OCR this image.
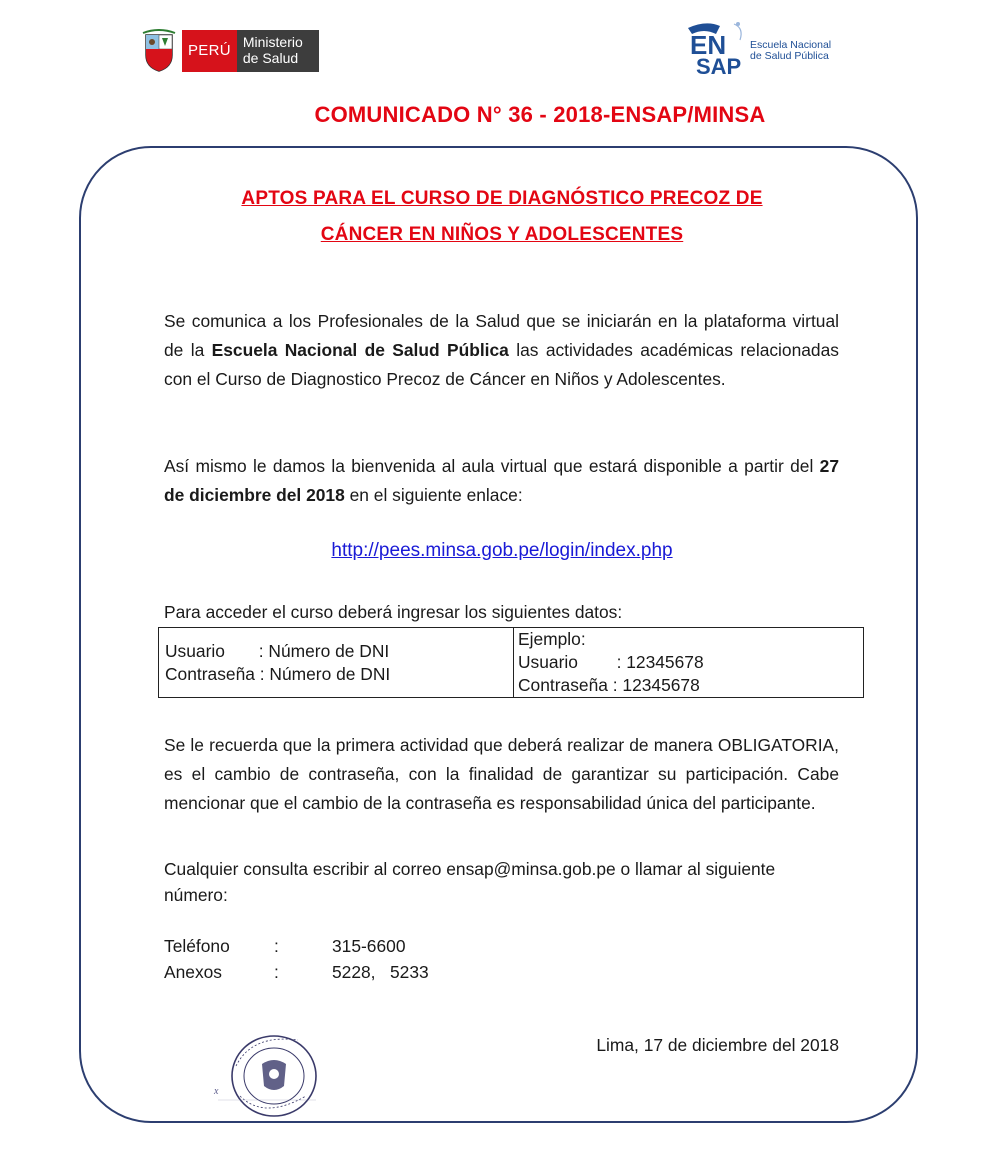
PERÚ Ministerio
de Salud	EN
SAP
Escuela Nacional
de Salud Pública
COMUNICADO N° 36 - 2018-ENSAP/MINSA
APTOS PARA EL CURSO DE DIAGNÓSTICO PRECOZ DE
CÁNCER EN NIÑOS Y ADOLESCENTES
Se comunica a los Profesionales de la Salud que se iniciarán en la plataforma virtual de la Escuela Nacional de Salud Pública las actividades académicas relacionadas con el Curso de Diagnostico Precoz de Cáncer en Niños y Adolescentes.
Así mismo le damos la bienvenida al aula virtual que estará disponible a partir del 27 de diciembre del 2018 en el siguiente enlace:
http://pees.minsa.gob.pe/login/index.php
Para acceder el curso deberá ingresar los siguientes datos:
Usuario       : Número de DNI
Contraseña : Número de DNI

Ejemplo:
Usuario        : 12345678
Contraseña : 12345678
Se le recuerda que la primera actividad que deberá realizar de manera OBLIGATORIA, es el cambio de contraseña, con la finalidad de garantizar su participación. Cabe mencionar que el cambio de la contraseña es responsabilidad única del participante.
Cualquier consulta escribir al correo ensap@minsa.gob.pe o llamar al siguiente número:
Teléfono	:	315-6600
Anexos	:	5228,   5233
Lima, 17 de diciembre del 2018
x
